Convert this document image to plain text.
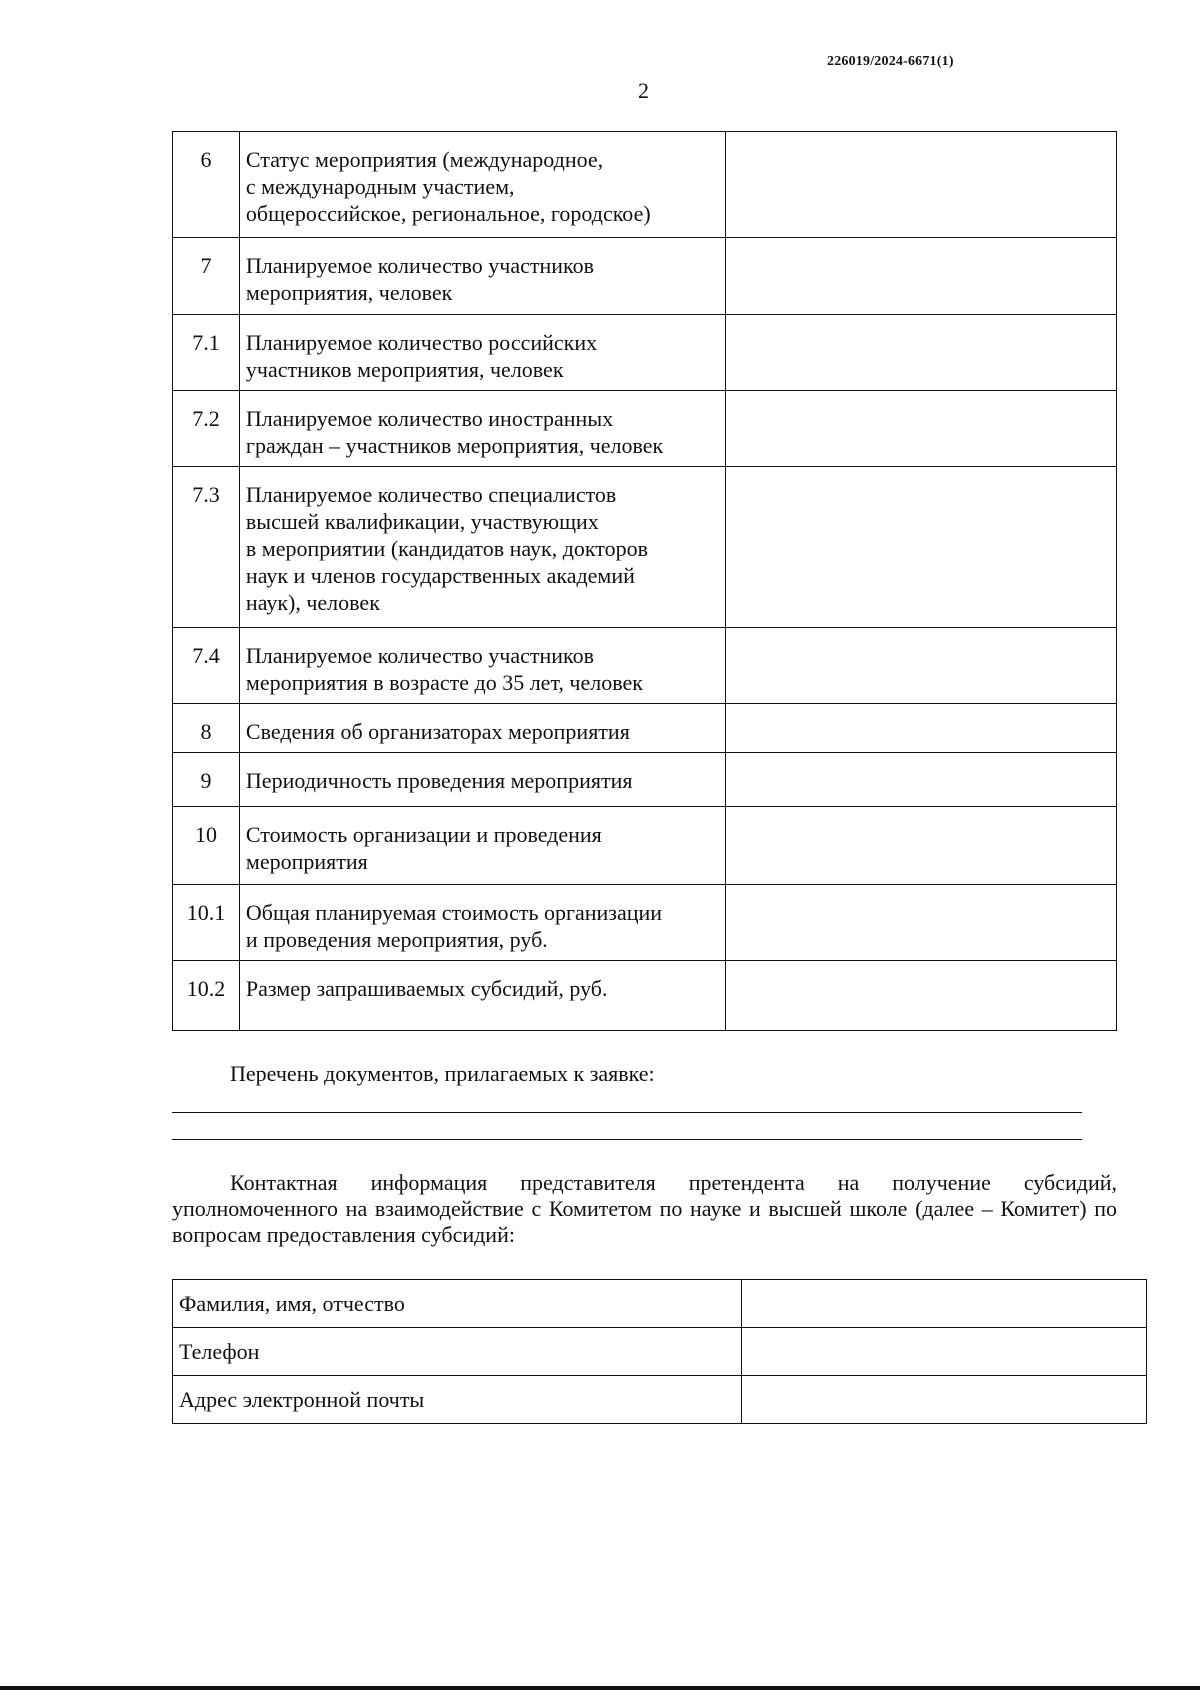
226019/2024-6671(1)
2
6	Статус мероприятия (международное,
с международным участием,
общероссийское, региональное, городское)	
7	Планируемое количество участников
мероприятия, человек	
7.1	Планируемое количество российских
участников мероприятия, человек	
7.2	Планируемое количество иностранных
граждан – участников мероприятия, человек	
7.3	Планируемое количество специалистов
высшей квалификации, участвующих
в мероприятии (кандидатов наук, докторов
наук и членов государственных академий
наук), человек	
7.4	Планируемое количество участников
мероприятия в возрасте до 35 лет, человек	
8	Сведения об организаторах мероприятия	
9	Периодичность проведения мероприятия	
10	Стоимость организации и проведения
мероприятия	
10.1	Общая планируемая стоимость организации
и проведения мероприятия, руб.	
10.2	Размер запрашиваемых субсидий, руб.	
Перечень документов, прилагаемых к заявке:
Контактная информация представителя претендента на получение субсидий, уполномоченного на взаимодействие с Комитетом по науке и высшей школе (далее – Комитет) по вопросам предоставления субсидий:
Фамилия, имя, отчество	
Телефон	
Адрес электронной почты	
